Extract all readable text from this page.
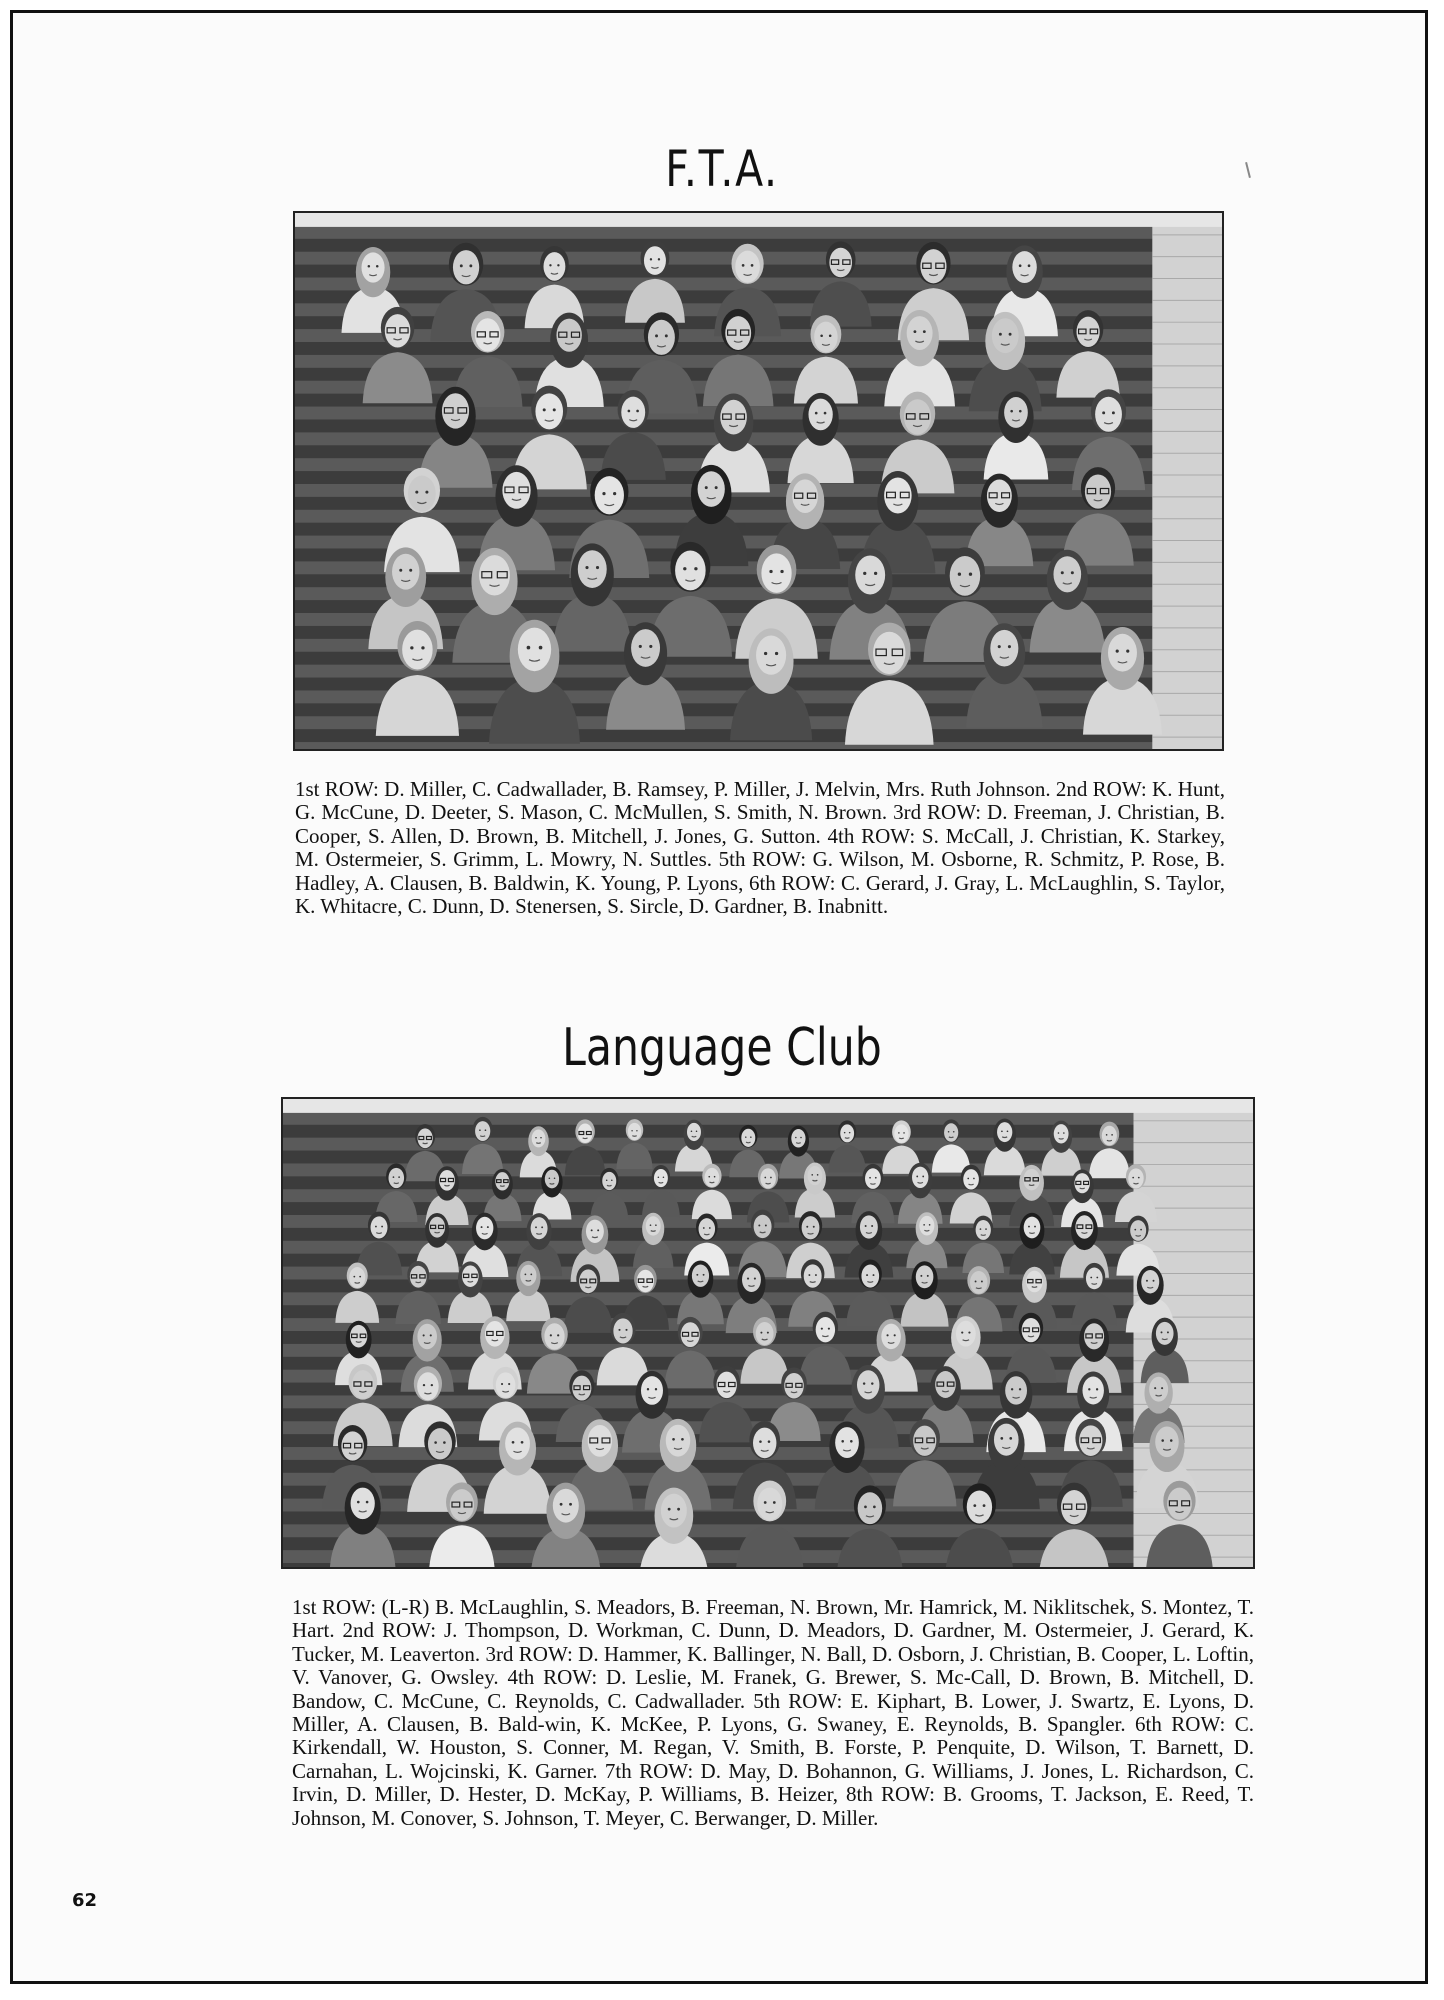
F.T.A.

1st ROW: D. Miller, C. Cadwallader, B. Ramsey, P. Miller, J. Melvin, Mrs. Ruth Johnson. 2nd ROW: K. Hunt, G. McCune, D. Deeter, S. Mason, C. McMullen, S. Smith, N. Brown. 3rd ROW: D. Freeman, J. Christian, B. Cooper, S. Allen, D. Brown, B. Mitchell, J. Jones, G. Sutton. 4th ROW: S. McCall, J. Christian, K. Starkey, M. Ostermeier, S. Grimm, L. Mowry, N. Suttles. 5th ROW: G. Wilson, M. Osborne, R. Schmitz, P. Rose, B. Hadley, A. Clausen, B. Baldwin, K. Young, P. Lyons, 6th ROW: C. Gerard, J. Gray, L. McLaughlin, S. Taylor, K. Whitacre, C. Dunn, D. Stenersen, S. Sircle, D. Gardner, B. Inabnitt.

Language Club

1st ROW: (L-R) B. McLaughlin, S. Meadors, B. Freeman, N. Brown, Mr. Hamrick, M. Niklitschek, S. Montez, T. Hart. 2nd ROW: J. Thompson, D. Workman, C. Dunn, D. Meadors, D. Gardner, M. Ostermeier, J. Gerard, K. Tucker, M. Leaverton. 3rd ROW: D. Hammer, K. Ballinger, N. Ball, D. Osborn, J. Christian, B. Cooper, L. Loftin, V. Vanover, G. Owsley. 4th ROW: D. Leslie, M. Franek, G. Brewer, S. Mc-Call, D. Brown, B. Mitchell, D. Bandow, C. McCune, C. Reynolds, C. Cadwallader. 5th ROW: E. Kiphart, B. Lower, J. Swartz, E. Lyons, D. Miller, A. Clausen, B. Bald-win, K. McKee, P. Lyons, G. Swaney, E. Reynolds, B. Spangler. 6th ROW: C. Kirkendall, W. Houston, S. Conner, M. Regan, V. Smith, B. Forste, P. Penquite, D. Wilson, T. Barnett, D. Carnahan, L. Wojcinski, K. Garner. 7th ROW: D. May, D. Bohannon, G. Williams, J. Jones, L. Richardson, C. Irvin, D. Miller, D. Hester, D. McKay, P. Williams, B. Heizer, 8th ROW: B. Grooms, T. Jackson, E. Reed, T. Johnson, M. Conover, S. Johnson, T. Meyer, C. Berwanger, D. Miller.

62
